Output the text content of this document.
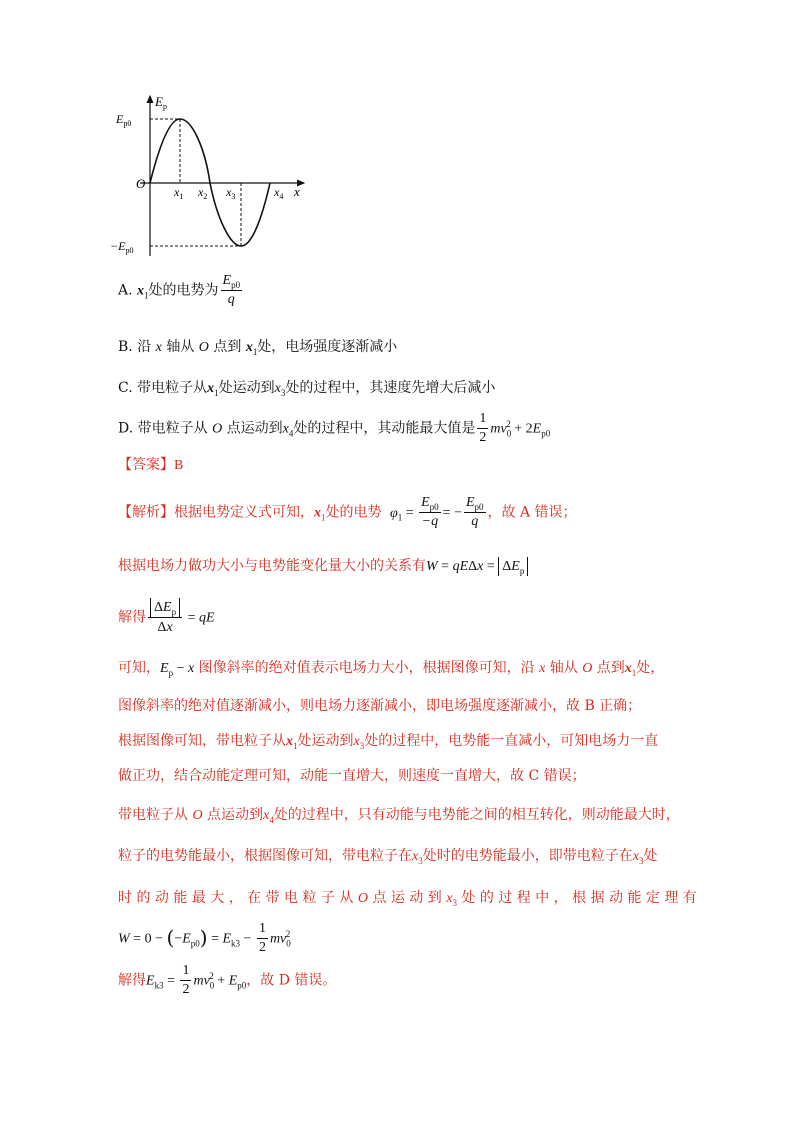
$E_p$
$E_{p0}$
O
$-E_{p0}$
$x_1$ $x_2$ $x_3$	$x_4$ x
A. $x_1$处的电势为 $\frac{E_{p0}}{q}$
B. 沿 x 轴从 O 点到 $x_1$处，电场强度逐渐减小
C. 带电粒子从$x_1$处运动到$x_3$处的过程中，其速度先增大后减小
D. 带电粒子从 O 点运动到$x_4$处的过程中，其动能最大值是 $\frac{1}{2} mv_0^2 + 2E_{p0}$
【答案】B
【解析】根据电势定义式可知，$x_1$处的电势 $\varphi_1 = \frac{E_{p0}}{-q}$ = − $\frac{E_{p0}}{q}$ ，故 A 错误；
根据电场力做功大小与电势能变化量大小的关系有$W = qE\Delta x = \Delta E_p$
解得 $\frac{\Delta E_p}{\Delta x}$ = qE
可知，$E_p - x$ 图像斜率的绝对值表示电场力大小，根据图像可知，沿 x 轴从 O 点到$x_1$处，
图像斜率的绝对值逐渐减小，则电场力逐渐减小，即电场强度逐渐减小，故 B 正确；
根据图像可知，带电粒子从$x_1$处运动到$x_3$处的过程中，电势能一直减小，可知电场力一直
做正功，结合动能定理可知，动能一直增大，则速度一直增大，故 C 错误；
带电粒子从 O 点运动到$x_4$处的过程中，只有动能与电势能之间的相互转化，则动能最大时，
粒子的电势能最小，根据图像可知，带电粒子在$x_3$处时的电势能最小，即带电粒子在$x_3$处
时 的 动 能 最 大 ， 在 带 电 粒 子 从 O 点 运 动 到 $x_3$ 处 的 过 程 中 ， 根 据 动 能 定 理 有
$W = 0 - (-E_{p0}) = E_{k3} - \frac{1}{2} mv_0^2$
解得$E_{k3} = \frac{1}{2} mv_0^2 + E_{p0}$，故 D 错误。
